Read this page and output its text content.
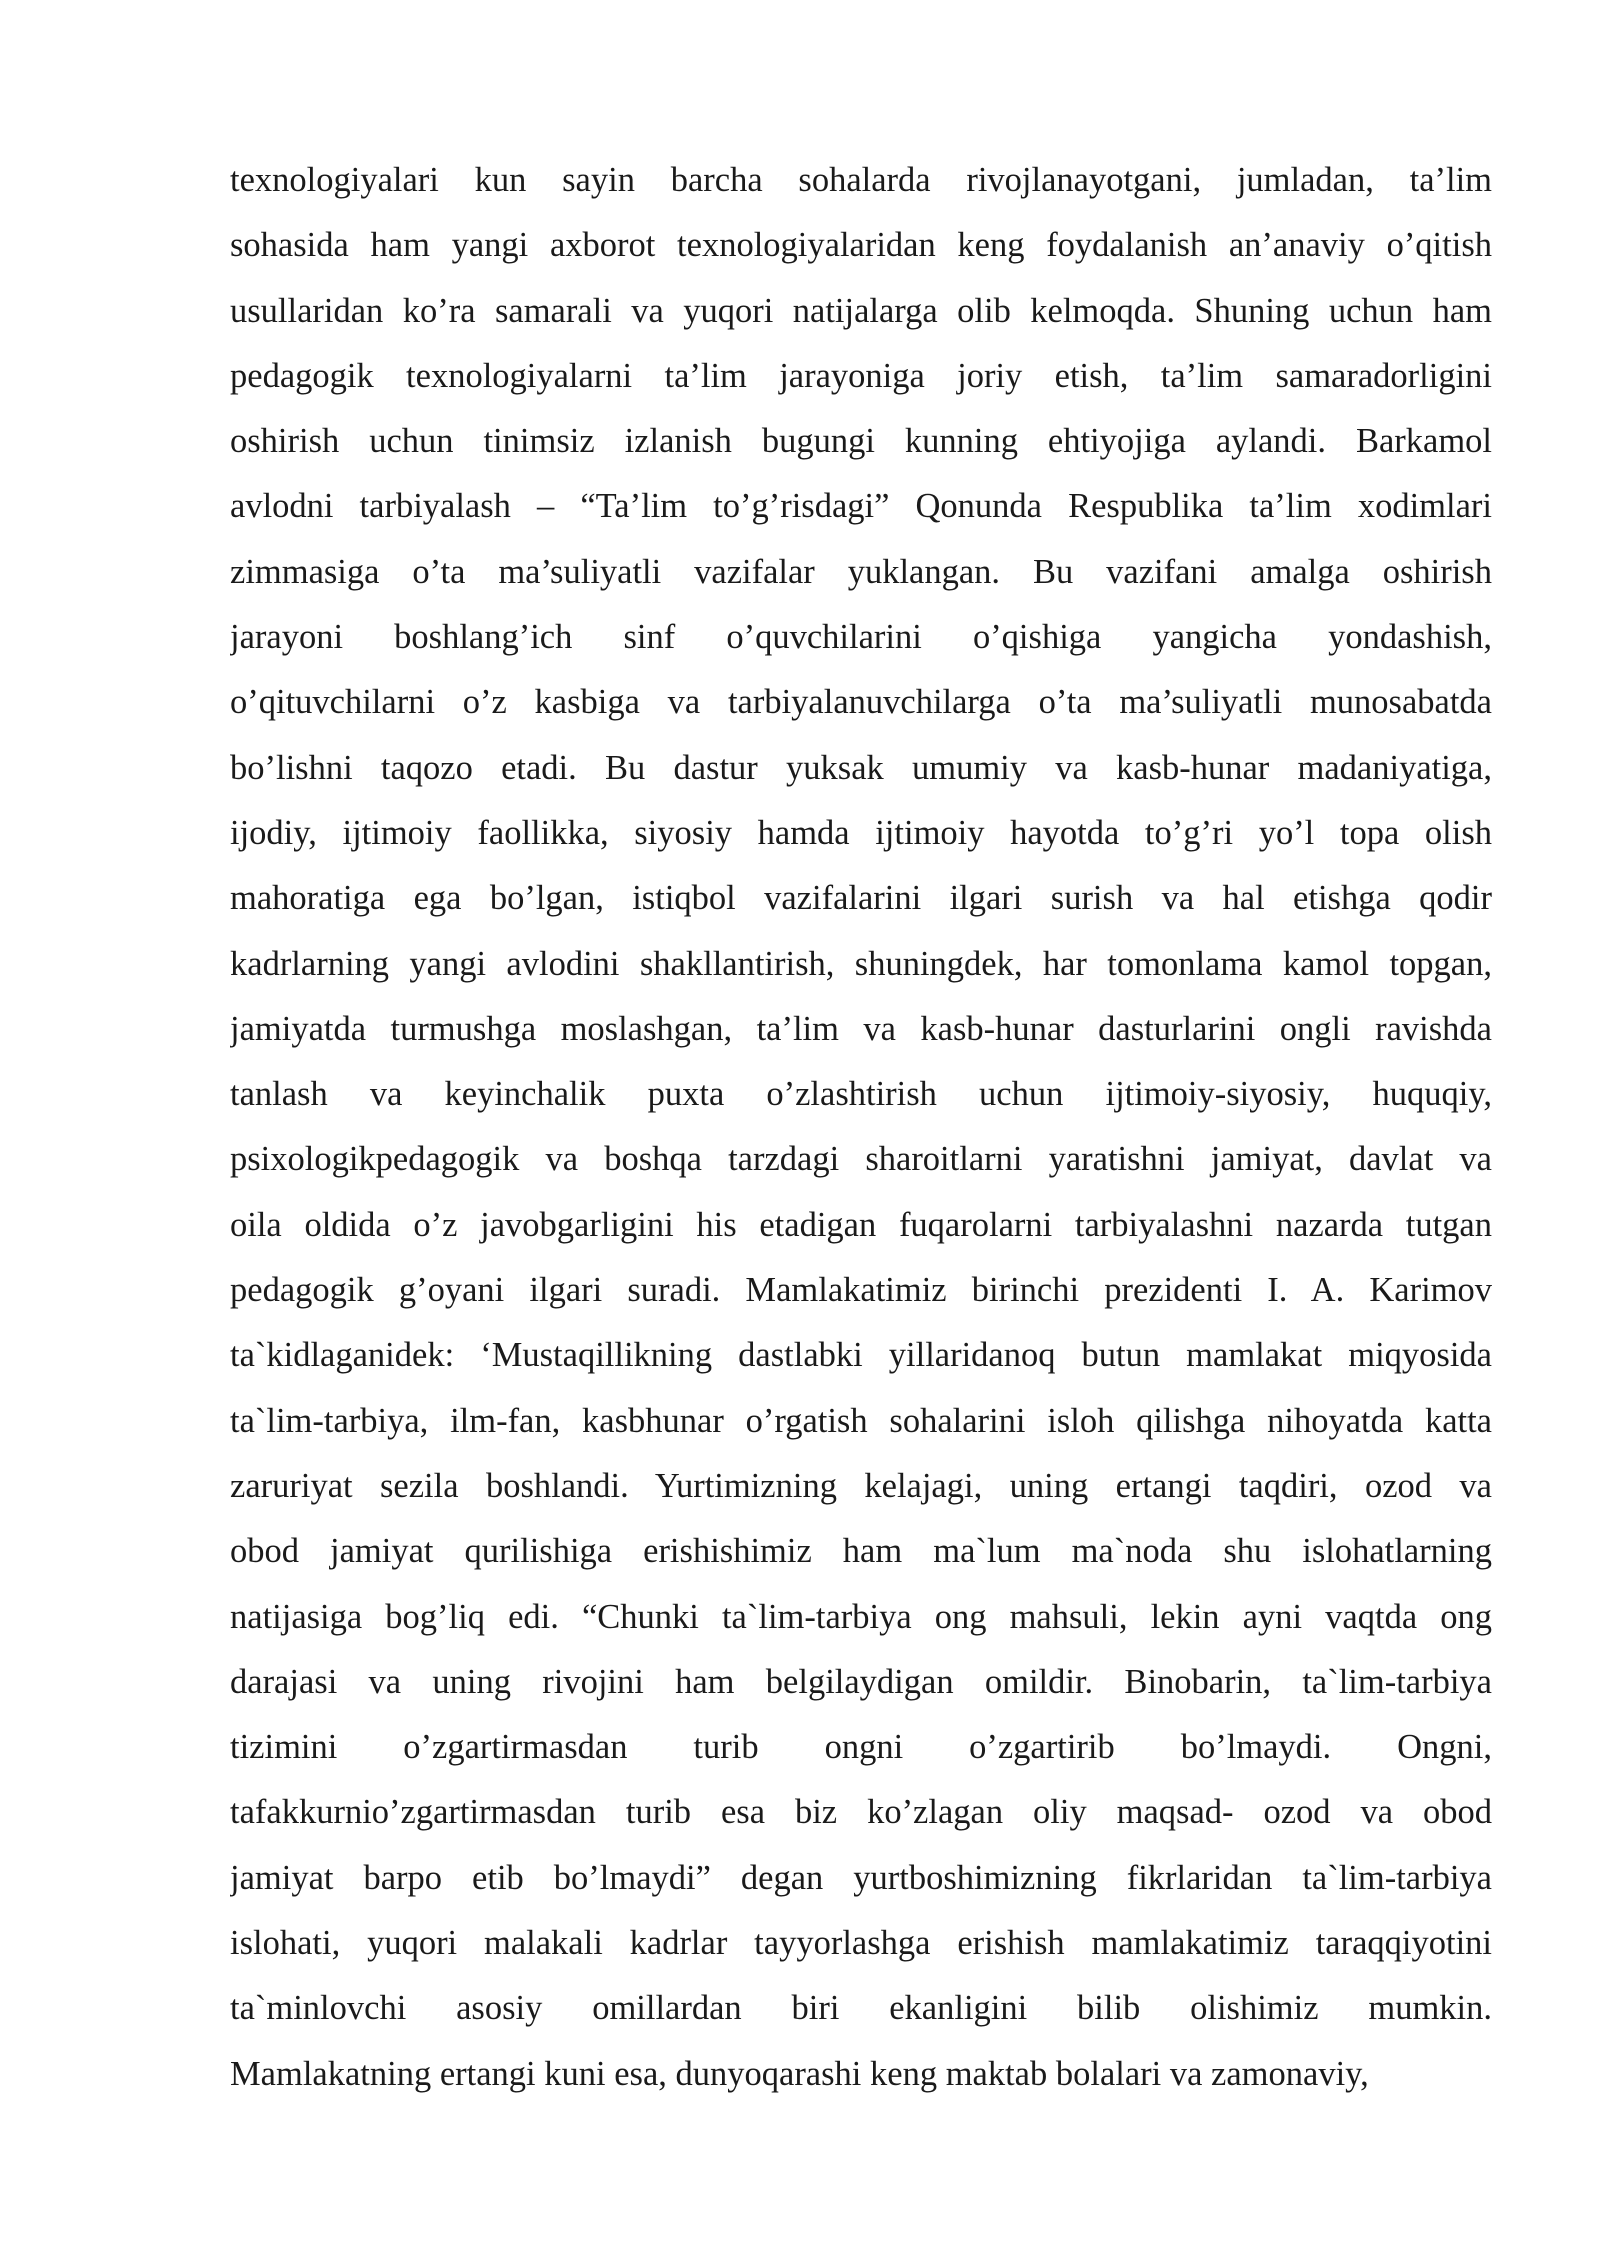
texnologiyalari kun sayin barcha sohalarda rivojlanayotgani, jumladan, ta’lim
sohasida ham yangi axborot texnologiyalaridan keng foydalanish an’anaviy o’qitish
usullaridan ko’ra samarali va yuqori natijalarga olib kelmoqda. Shuning uchun ham
pedagogik texnologiyalarni ta’lim jarayoniga joriy etish, ta’lim samaradorligini
oshirish uchun tinimsiz izlanish bugungi kunning ehtiyojiga aylandi. Barkamol
avlodni tarbiyalash – “Ta’lim to’g’risdagi” Qonunda Respublika ta’lim xodimlari
zimmasiga o’ta ma’suliyatli vazifalar yuklangan. Bu vazifani amalga oshirish
jarayoni boshlang’ich sinf o’quvchilarini o’qishiga yangicha yondashish,
o’qituvchilarni o’z kasbiga va tarbiyalanuvchilarga o’ta ma’suliyatli munosabatda
bo’lishni taqozo etadi. Bu dastur yuksak umumiy va kasb-hunar madaniyatiga,
ijodiy, ijtimoiy faollikka, siyosiy hamda ijtimoiy hayotda to’g’ri yo’l topa olish
mahoratiga ega bo’lgan, istiqbol vazifalarini ilgari surish va hal etishga qodir
kadrlarning yangi avlodini shakllantirish, shuningdek, har tomonlama kamol topgan,
jamiyatda turmushga moslashgan, ta’lim va kasb-hunar dasturlarini ongli ravishda
tanlash va keyinchalik puxta o’zlashtirish uchun ijtimoiy-siyosiy, huquqiy,
psixologikpedagogik va boshqa tarzdagi sharoitlarni yaratishni jamiyat, davlat va
oila oldida o’z javobgarligini his etadigan fuqarolarni tarbiyalashni nazarda tutgan
pedagogik g’oyani ilgari suradi. Mamlakatimiz birinchi prezidenti I. A. Karimov
ta`kidlaganidek: ‘Mustaqillikning dastlabki yillaridanoq butun mamlakat miqyosida
ta`lim-tarbiya, ilm-fan, kasbhunar o’rgatish sohalarini isloh qilishga nihoyatda katta
zaruriyat sezila boshlandi. Yurtimizning kelajagi, uning ertangi taqdiri, ozod va
obod jamiyat qurilishiga erishishimiz ham ma`lum ma`noda shu islohatlarning
natijasiga bog’liq edi. “Chunki ta`lim-tarbiya ong mahsuli, lekin ayni vaqtda ong
darajasi va uning rivojini ham belgilaydigan omildir. Binobarin, ta`lim-tarbiya
tizimini o’zgartirmasdan turib ongni o’zgartirib bo’lmaydi. Ongni,
tafakkurnio’zgartirmasdan turib esa biz ko’zlagan oliy maqsad- ozod va obod
jamiyat barpo etib bo’lmaydi” degan yurtboshimizning fikrlaridan ta`lim-tarbiya
islohati, yuqori malakali kadrlar tayyorlashga erishish mamlakatimiz taraqqiyotini
ta`minlovchi asosiy omillardan biri ekanligini bilib olishimiz mumkin.
Mamlakatning ertangi kuni esa, dunyoqarashi keng maktab bolalari va zamonaviy,
